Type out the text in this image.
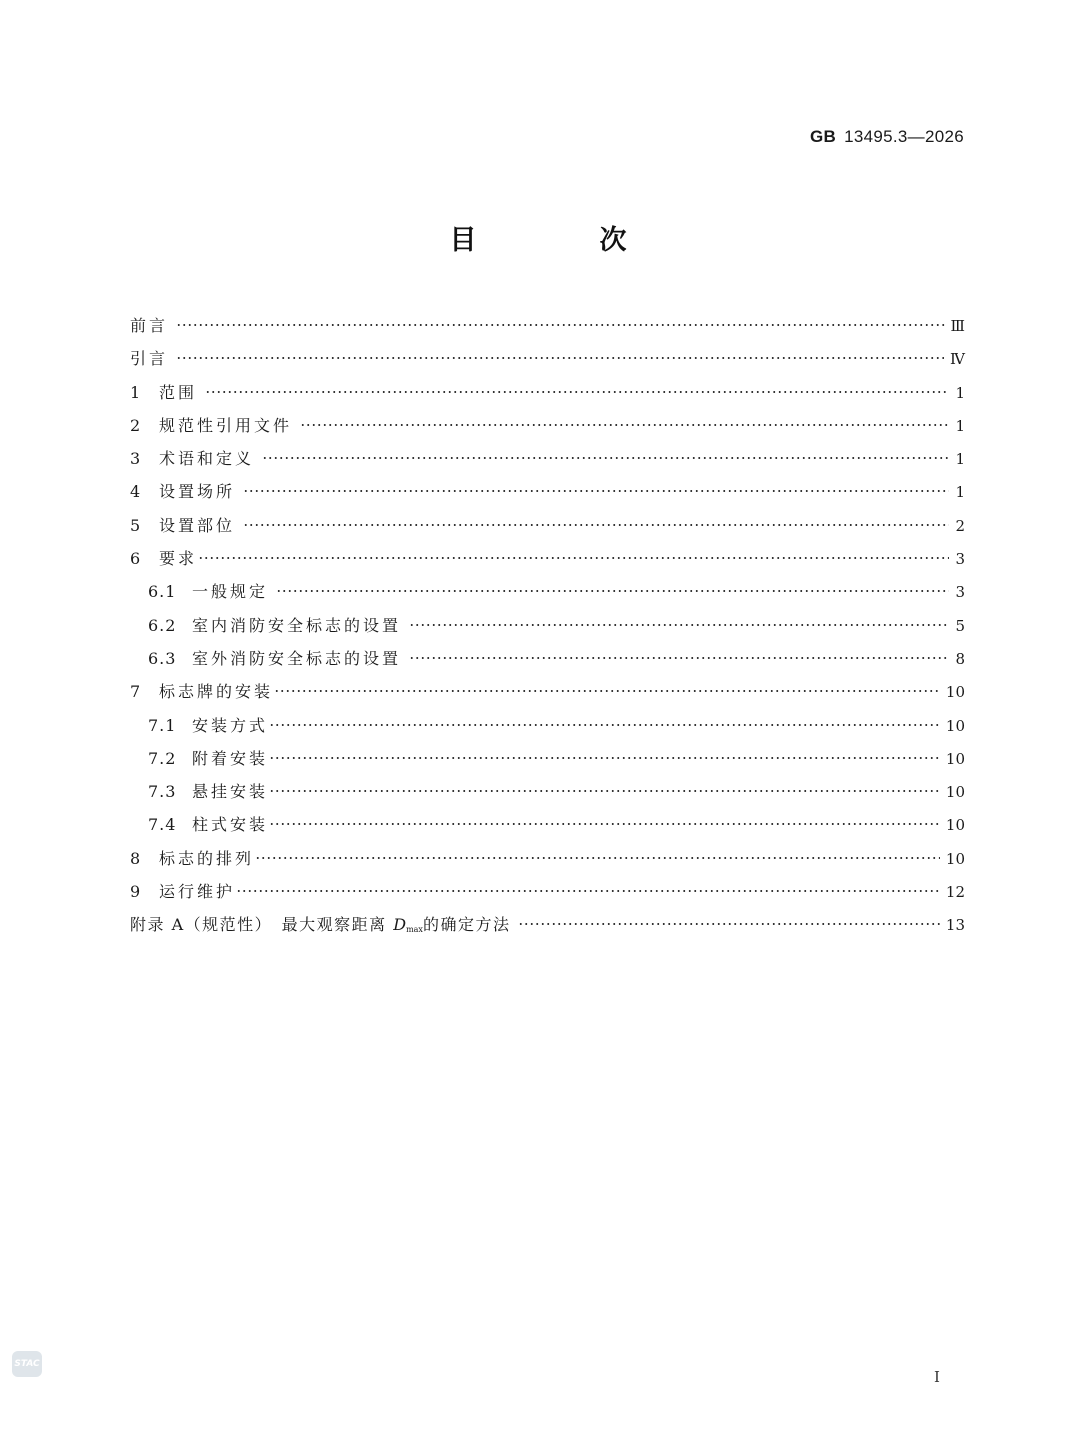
GB 13495.3—2026
目　次
前言	Ⅲ
引言	Ⅳ
1	范围	1
2	规范性引用文件	1
3	术语和定义	1
4	设置场所	1
5	设置部位	2
6	要求	3
6.1 一般规定	3
6.2 室内消防安全标志的设置	5
6.3 室外消防安全标志的设置	8
7	标志牌的安装	10
7.1 安装方式	10
7.2 附着安装	10
7.3 悬挂安装	10
7.4 柱式安装	10
8	标志的排列	10
9	运行维护	12
附录 A（规范性）　最大观察距离 Dmax的确定方法	13
STAC
I
